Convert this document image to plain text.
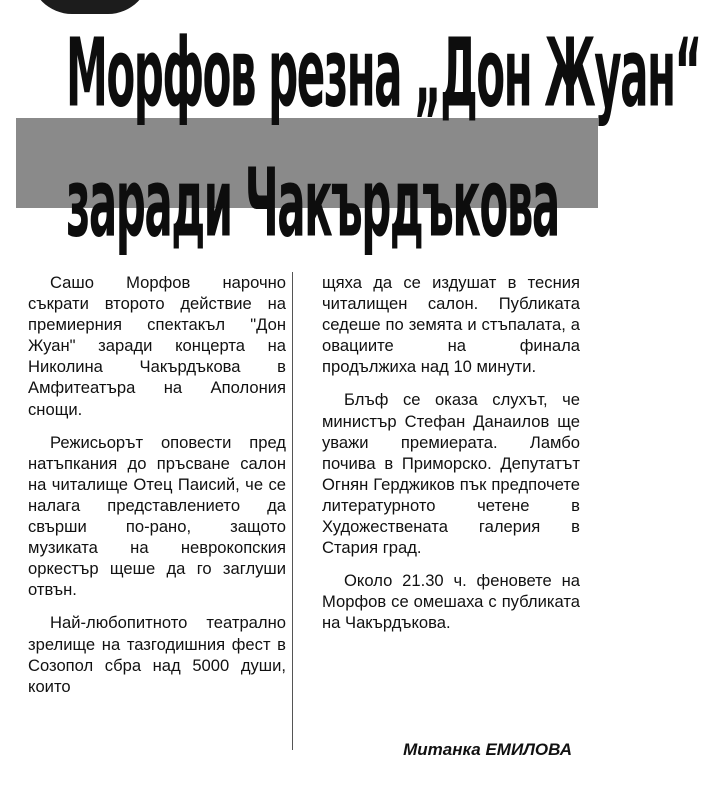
Морфов резна „Дон Жуан“
заради Чакърдъкова

Сашо Морфов нарочно съкрати второто действие на премиерния спектакъл "Дон Жуан" заради концерта на Николина Чакърдъкова в Амфитеатъра на Аполония снощи.

Режисьорът оповести пред натъпкания до пръсване салон на читалище Отец Паисий, че се налага представлението да свърши по-рано, защото музиката на неврокопския оркестър щеше да го заглуши отвън.

Най-любопитното театрално зрелище на тазгодишния фест в Созопол сбра над 5000 души, които

щяха да се издушат в тесния читалищен салон. Публиката седеше по земята и стъпалата, а овациите на финала продължиха над 10 минути.

Блъф се оказа слухът, че министър Стефан Данаилов ще уважи премиерата. Ламбо почива в Приморско. Депутатът Огнян Герджиков пък предпочете литературното четене в Художествената галерия в Стария град.

Около 21.30 ч. феновете на Морфов се омешаха с публиката на Чакърдъкова.

Митанка ЕМИЛОВА
